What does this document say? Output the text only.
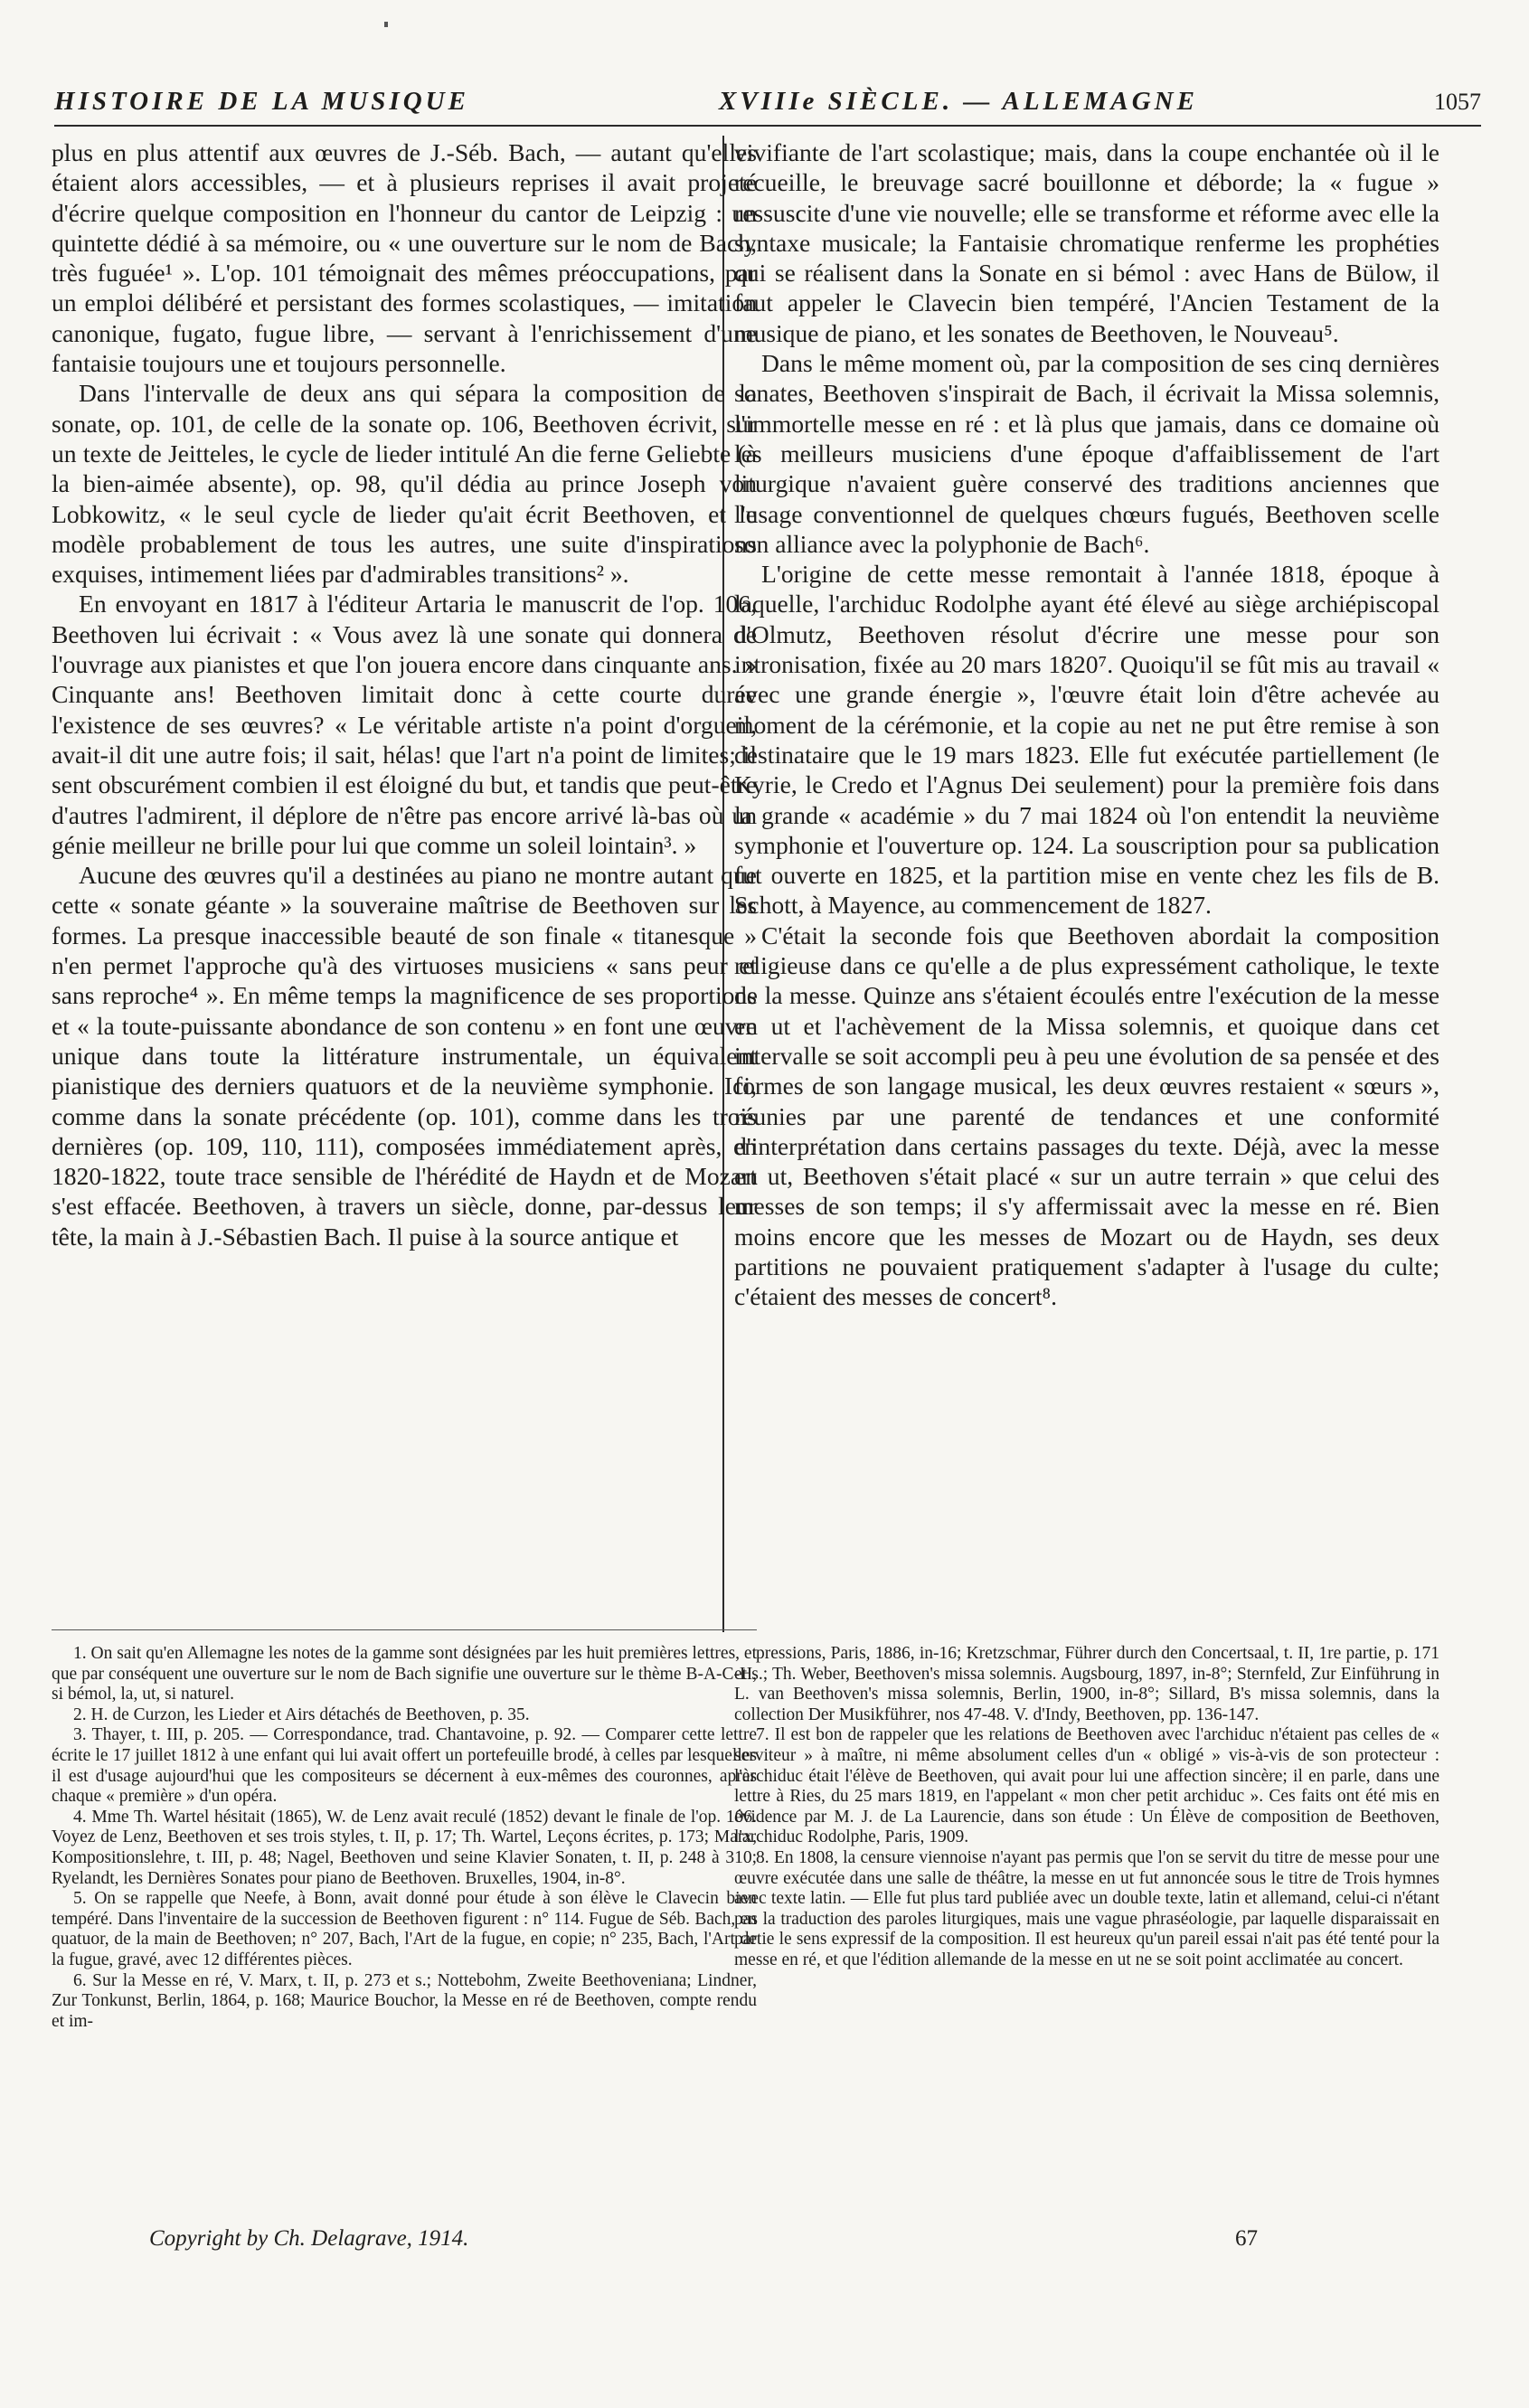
HISTOIRE DE LA MUSIQUE	XVIIIe SIÈCLE. — ALLEMAGNE	1057

plus en plus attentif aux œuvres de J.-Séb. Bach, — autant qu'elles étaient alors accessibles, — et à plusieurs reprises il avait projeté d'écrire quelque composition en l'honneur du cantor de Leipzig : un quintette dédié à sa mémoire, ou « une ouverture sur le nom de Bach, très fuguée¹ ». L'op. 101 témoignait des mêmes préoccupations, par un emploi délibéré et persistant des formes scolastiques, — imitation canonique, fugato, fugue libre, — servant à l'enrichissement d'une fantaisie toujours une et toujours personnelle.

Dans l'intervalle de deux ans qui sépara la composition de la sonate, op. 101, de celle de la sonate op. 106, Beethoven écrivit, sur un texte de Jeitteles, le cycle de lieder intitulé An die ferne Geliebte (à la bien-aimée absente), op. 98, qu'il dédia au prince Joseph von Lobkowitz, « le seul cycle de lieder qu'ait écrit Beethoven, et le modèle probablement de tous les autres, une suite d'inspirations exquises, intimement liées par d'admirables transitions² ».

En envoyant en 1817 à l'éditeur Artaria le manuscrit de l'op. 106, Beethoven lui écrivait : « Vous avez là une sonate qui donnera de l'ouvrage aux pianistes et que l'on jouera encore dans cinquante ans. » Cinquante ans! Beethoven limitait donc à cette courte durée l'existence de ses œuvres? « Le véritable artiste n'a point d'orgueil, avait-il dit une autre fois; il sait, hélas! que l'art n'a point de limites; il sent obscurément combien il est éloigné du but, et tandis que peut-être d'autres l'admirent, il déplore de n'être pas encore arrivé là-bas où un génie meilleur ne brille pour lui que comme un soleil lointain³. »

Aucune des œuvres qu'il a destinées au piano ne montre autant que cette « sonate géante » la souveraine maîtrise de Beethoven sur les formes. La presque inaccessible beauté de son finale « titanesque » n'en permet l'approche qu'à des virtuoses musiciens « sans peur et sans reproche⁴ ». En même temps la magnificence de ses proportions et « la toute-puissante abondance de son contenu » en font une œuvre unique dans toute la littérature instrumentale, un équivalent pianistique des derniers quatuors et de la neuvième symphonie. Ici, comme dans la sonate précédente (op. 101), comme dans les trois dernières (op. 109, 110, 111), composées immédiatement après, en 1820-1822, toute trace sensible de l'hérédité de Haydn et de Mozart s'est effacée. Beethoven, à travers un siècle, donne, par-dessus leur tête, la main à J.-Sébastien Bach. Il puise à la source antique et

vivifiante de l'art scolastique; mais, dans la coupe enchantée où il le recueille, le breuvage sacré bouillonne et déborde; la « fugue » ressuscite d'une vie nouvelle; elle se transforme et réforme avec elle la syntaxe musicale; la Fantaisie chromatique renferme les prophéties qui se réalisent dans la Sonate en si bémol : avec Hans de Bülow, il faut appeler le Clavecin bien tempéré, l'Ancien Testament de la musique de piano, et les sonates de Beethoven, le Nouveau⁵.

Dans le même moment où, par la composition de ses cinq dernières sonates, Beethoven s'inspirait de Bach, il écrivait la Missa solemnis, l'immortelle messe en ré : et là plus que jamais, dans ce domaine où les meilleurs musiciens d'une époque d'affaiblissement de l'art liturgique n'avaient guère conservé des traditions anciennes que l'usage conventionnel de quelques chœurs fugués, Beethoven scelle son alliance avec la polyphonie de Bach⁶.

L'origine de cette messe remontait à l'année 1818, époque à laquelle, l'archiduc Rodolphe ayant été élevé au siège archiépiscopal d'Olmutz, Beethoven résolut d'écrire une messe pour son intronisation, fixée au 20 mars 1820⁷. Quoiqu'il se fût mis au travail « avec une grande énergie », l'œuvre était loin d'être achevée au moment de la cérémonie, et la copie au net ne put être remise à son destinataire que le 19 mars 1823. Elle fut exécutée partiellement (le Kyrie, le Credo et l'Agnus Dei seulement) pour la première fois dans la grande « académie » du 7 mai 1824 où l'on entendit la neuvième symphonie et l'ouverture op. 124. La souscription pour sa publication fut ouverte en 1825, et la partition mise en vente chez les fils de B. Schott, à Mayence, au commencement de 1827.

C'était la seconde fois que Beethoven abordait la composition religieuse dans ce qu'elle a de plus expressément catholique, le texte de la messe. Quinze ans s'étaient écoulés entre l'exécution de la messe en ut et l'achèvement de la Missa solemnis, et quoique dans cet intervalle se soit accompli peu à peu une évolution de sa pensée et des formes de son langage musical, les deux œuvres restaient « sœurs », réunies par une parenté de tendances et une conformité d'interprétation dans certains passages du texte. Déjà, avec la messe en ut, Beethoven s'était placé « sur un autre terrain » que celui des messes de son temps; il s'y affermissait avec la messe en ré. Bien moins encore que les messes de Mozart ou de Haydn, ses deux partitions ne pouvaient pratiquement s'adapter à l'usage du culte; c'étaient des messes de concert⁸.

1. On sait qu'en Allemagne les notes de la gamme sont désignées par les huit premières lettres, et que par conséquent une ouverture sur le nom de Bach signifie une ouverture sur le thème B-A-C-H, si bémol, la, ut, si naturel.

2. H. de Curzon, les Lieder et Airs détachés de Beethoven, p. 35.

3. Thayer, t. III, p. 205. — Correspondance, trad. Chantavoine, p. 92. — Comparer cette lettre écrite le 17 juillet 1812 à une enfant qui lui avait offert un portefeuille brodé, à celles par lesquelles il est d'usage aujourd'hui que les compositeurs se décernent à eux-mêmes des couronnes, après chaque « première » d'un opéra.

4. Mme Th. Wartel hésitait (1865), W. de Lenz avait reculé (1852) devant le finale de l'op. 106. Voyez de Lenz, Beethoven et ses trois styles, t. II, p. 17; Th. Wartel, Leçons écrites, p. 173; Marx, Kompositionslehre, t. III, p. 48; Nagel, Beethoven und seine Klavier Sonaten, t. II, p. 248 à 310; Ryelandt, les Dernières Sonates pour piano de Beethoven. Bruxelles, 1904, in-8°.

5. On se rappelle que Neefe, à Bonn, avait donné pour étude à son élève le Clavecin bien tempéré. Dans l'inventaire de la succession de Beethoven figurent : n° 114. Fugue de Séb. Bach, en quatuor, de la main de Beethoven; n° 207, Bach, l'Art de la fugue, en copie; n° 235, Bach, l'Art de la fugue, gravé, avec 12 différentes pièces.

6. Sur la Messe en ré, V. Marx, t. II, p. 273 et s.; Nottebohm, Zweite Beethoveniana; Lindner, Zur Tonkunst, Berlin, 1864, p. 168; Maurice Bouchor, la Messe en ré de Beethoven, compte rendu et im-

pressions, Paris, 1886, in-16; Kretzschmar, Führer durch den Concertsaal, t. II, 1re partie, p. 171 et s.; Th. Weber, Beethoven's missa solemnis. Augsbourg, 1897, in-8°; Sternfeld, Zur Einführung in L. van Beethoven's missa solemnis, Berlin, 1900, in-8°; Sillard, B's missa solemnis, dans la collection Der Musikführer, nos 47-48. V. d'Indy, Beethoven, pp. 136-147.

7. Il est bon de rappeler que les relations de Beethoven avec l'archiduc n'étaient pas celles de « serviteur » à maître, ni même absolument celles d'un « obligé » vis-à-vis de son protecteur : l'archiduc était l'élève de Beethoven, qui avait pour lui une affection sincère; il en parle, dans une lettre à Ries, du 25 mars 1819, en l'appelant « mon cher petit archiduc ». Ces faits ont été mis en évidence par M. J. de La Laurencie, dans son étude : Un Élève de composition de Beethoven, l'archiduc Rodolphe, Paris, 1909.

8. En 1808, la censure viennoise n'ayant pas permis que l'on se servit du titre de messe pour une œuvre exécutée dans une salle de théâtre, la messe en ut fut annoncée sous le titre de Trois hymnes avec texte latin. — Elle fut plus tard publiée avec un double texte, latin et allemand, celui-ci n'étant pas la traduction des paroles liturgiques, mais une vague phraséologie, par laquelle disparaissait en partie le sens expressif de la composition. Il est heureux qu'un pareil essai n'ait pas été tenté pour la messe en ré, et que l'édition allemande de la messe en ut ne se soit point acclimatée au concert.

Copyright by Ch. Delagrave, 1914.	67
